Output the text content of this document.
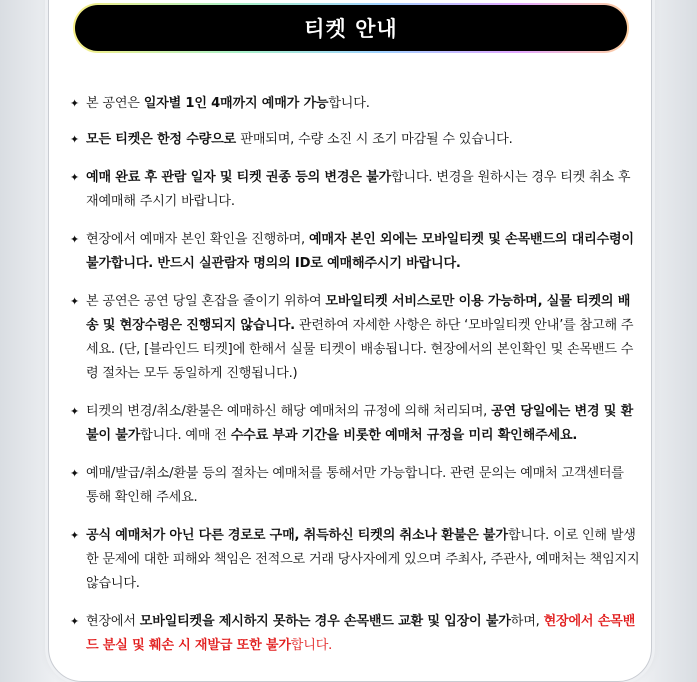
티켓 안내
✦ 본 공연은 일자별 1인 4매까지 예매가 가능합니다.
✦ 모든 티켓은 한정 수량으로 판매되며, 수량 소진 시 조기 마감될 수 있습니다.
✦ 예매 완료 후 관람 일자 및 티켓 권종 등의 변경은 불가합니다. 변경을 원하시는 경우 티켓 취소 후 재예매해 주시기 바랍니다.
✦ 현장에서 예매자 본인 확인을 진행하며, 예매자 본인 외에는 모바일티켓 및 손목밴드의 대리수령이 불가합니다. 반드시 실관람자 명의의 ID로 예매해주시기 바랍니다.
✦ 본 공연은 공연 당일 혼잡을 줄이기 위하여 모바일티켓 서비스로만 이용 가능하며, 실물 티켓의 배송 및 현장수령은 진행되지 않습니다. 관련하여 자세한 사항은 하단 ‘모바일티켓 안내’를 참고해 주세요. (단, [블라인드 티켓]에 한해서 실물 티켓이 배송됩니다. 현장에서의 본인확인 및 손목밴드 수령 절차는 모두 동일하게 진행됩니다.)
✦ 티켓의 변경/취소/환불은 예매하신 해당 예매처의 규정에 의해 처리되며, 공연 당일에는 변경 및 환불이 불가합니다. 예매 전 수수료 부과 기간을 비롯한 예매처 규정을 미리 확인해주세요.
✦ 예매/발급/취소/환불 등의 절차는 예매처를 통해서만 가능합니다. 관련 문의는 예매처 고객센터를 통해 확인해 주세요.
✦ 공식 예매처가 아닌 다른 경로로 구매, 취득하신 티켓의 취소나 환불은 불가합니다. 이로 인해 발생한 문제에 대한 피해와 책임은 전적으로 거래 당사자에게 있으며 주최사, 주관사, 예매처는 책임지지 않습니다.
✦ 현장에서 모바일티켓을 제시하지 못하는 경우 손목밴드 교환 및 입장이 불가하며, 현장에서 손목밴드 분실 및 훼손 시 재발급 또한 불가합니다.
